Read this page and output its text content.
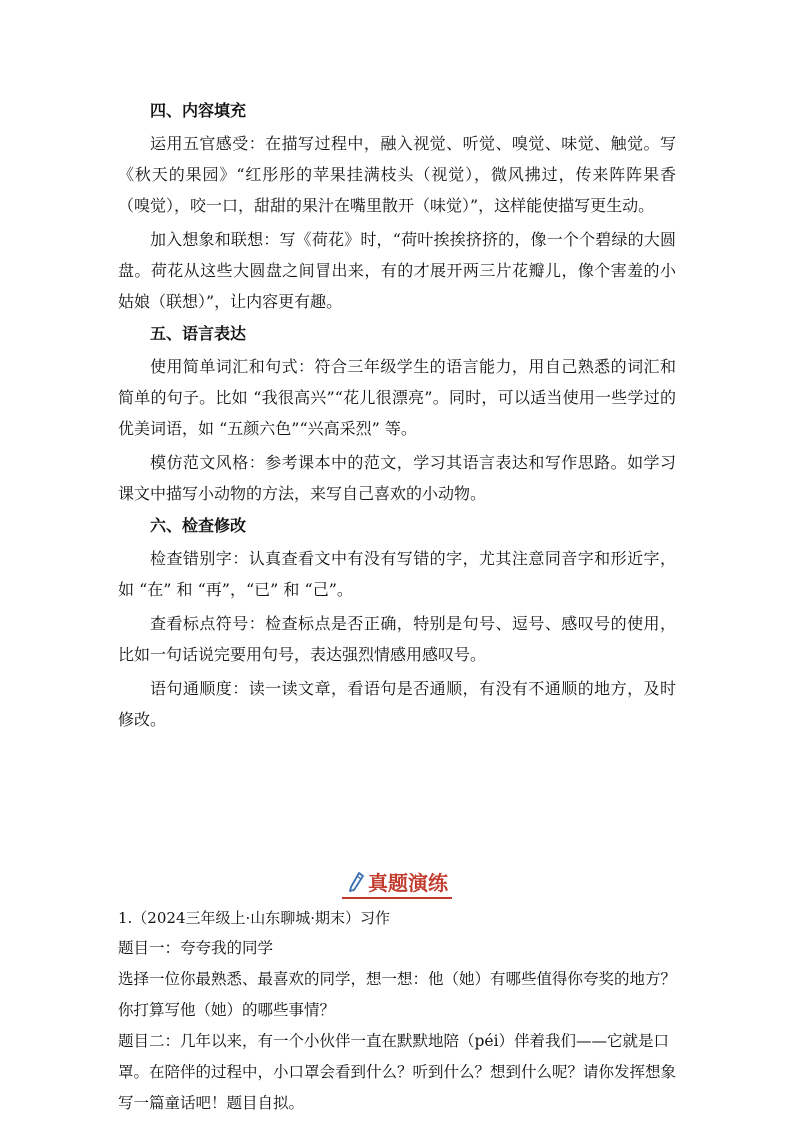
四、内容填充

运用五官感受：在描写过程中，融入视觉、听觉、嗅觉、味觉、触觉。写《秋天的果园》“红彤彤的苹果挂满枝头（视觉），微风拂过，传来阵阵果香（嗅觉），咬一口，甜甜的果汁在嘴里散开（味觉）”，这样能使描写更生动。

加入想象和联想：写《荷花》时，“荷叶挨挨挤挤的，像一个个碧绿的大圆盘。荷花从这些大圆盘之间冒出来，有的才展开两三片花瓣儿，像个害羞的小姑娘（联想）”，让内容更有趣。

五、语言表达

使用简单词汇和句式：符合三年级学生的语言能力，用自己熟悉的词汇和简单的句子。比如 “我很高兴”“花儿很漂亮”。同时，可以适当使用一些学过的优美词语，如 “五颜六色”“兴高采烈” 等。

模仿范文风格：参考课本中的范文，学习其语言表达和写作思路。如学习课文中描写小动物的方法，来写自己喜欢的小动物。

六、检查修改

检查错别字：认真查看文中有没有写错的字，尤其注意同音字和形近字，如 “在” 和 “再”，“已” 和 “己”。

查看标点符号：检查标点是否正确，特别是句号、逗号、感叹号的使用，比如一句话说完要用句号，表达强烈情感用感叹号。

语句通顺度：读一读文章，看语句是否通顺，有没有不通顺的地方，及时修改。

真题演练

1.（2024三年级上·山东聊城·期末）习作

题目一：夸夸我的同学

选择一位你最熟悉、最喜欢的同学，想一想：他（她）有哪些值得你夸奖的地方？你打算写他（她）的哪些事情？

题目二：几年以来，有一个小伙伴一直在默默地陪（péi）伴着我们——它就是口罩。在陪伴的过程中，小口罩会看到什么？听到什么？想到什么呢？请你发挥想象写一篇童话吧！题目自拟。
